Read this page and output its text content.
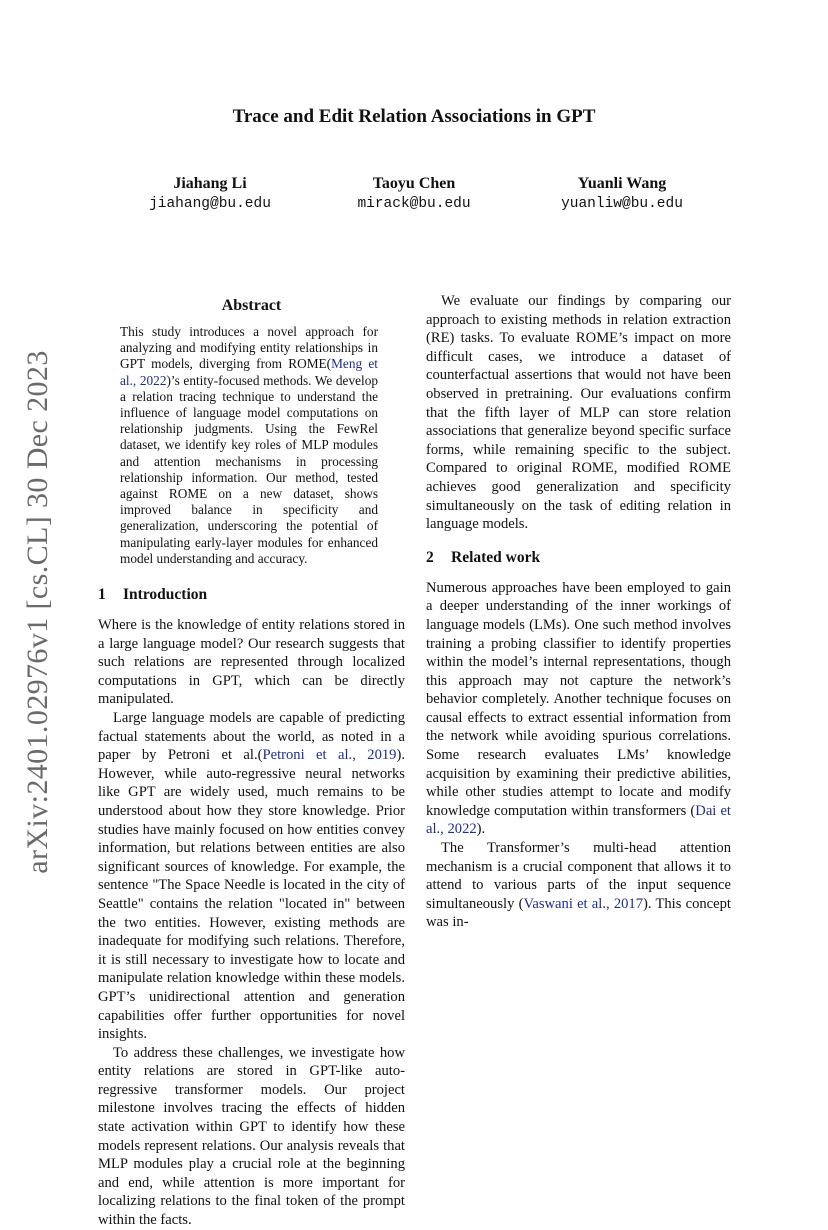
arXiv:2401.02976v1 [cs.CL] 30 Dec 2023
Trace and Edit Relation Associations in GPT
Jiahang Li
jiahang@bu.edu
Taoyu Chen
mirack@bu.edu
Yuanli Wang
yuanliw@bu.edu
Abstract

This study introduces a novel approach for analyzing and modifying entity relationships in GPT models, diverging from ROME(Meng et al., 2022)’s entity-focused methods. We develop a relation tracing technique to understand the influence of language model computations on relationship judgments. Using the FewRel dataset, we identify key roles of MLP modules and attention mechanisms in processing relationship information. Our method, tested against ROME on a new dataset, shows improved balance in specificity and generalization, underscoring the potential of manipulating early-layer modules for enhanced model understanding and accuracy.

1 Introduction

Where is the knowledge of entity relations stored in a large language model? Our research suggests that such relations are represented through localized computations in GPT, which can be directly manipulated.

Large language models are capable of predicting factual statements about the world, as noted in a paper by Petroni et al.(Petroni et al., 2019). However, while auto-regressive neural networks like GPT are widely used, much remains to be understood about how they store knowledge. Prior studies have mainly focused on how entities convey information, but relations between entities are also significant sources of knowledge. For example, the sentence "The Space Needle is located in the city of Seattle" contains the relation "located in" between the two entities. However, existing methods are inadequate for modifying such relations. Therefore, it is still necessary to investigate how to locate and manipulate relation knowledge within these models. GPT’s unidirectional attention and generation capabilities offer further opportunities for novel insights.

To address these challenges, we investigate how entity relations are stored in GPT-like auto-regressive transformer models. Our project milestone involves tracing the effects of hidden state activation within GPT to identify how these models represent relations. Our analysis reveals that MLP modules play a crucial role at the beginning and end, while attention is more important for localizing relations to the final token of the prompt within the facts.

We evaluate our findings by comparing our approach to existing methods in relation extraction (RE) tasks. To evaluate ROME’s impact on more difficult cases, we introduce a dataset of counterfactual assertions that would not have been observed in pretraining. Our evaluations confirm that the fifth layer of MLP can store relation associations that generalize beyond specific surface forms, while remaining specific to the subject. Compared to original ROME, modified ROME achieves good generalization and specificity simultaneously on the task of editing relation in language models.

2 Related work

Numerous approaches have been employed to gain a deeper understanding of the inner workings of language models (LMs). One such method involves training a probing classifier to identify properties within the model’s internal representations, though this approach may not capture the network’s behavior completely. Another technique focuses on causal effects to extract essential information from the network while avoiding spurious correlations. Some research evaluates LMs’ knowledge acquisition by examining their predictive abilities, while other studies attempt to locate and modify knowledge computation within transformers (Dai et al., 2022).

The Transformer’s multi-head attention mechanism is a crucial component that allows it to attend to various parts of the input sequence simultaneously (Vaswani et al., 2017). This concept was in-
